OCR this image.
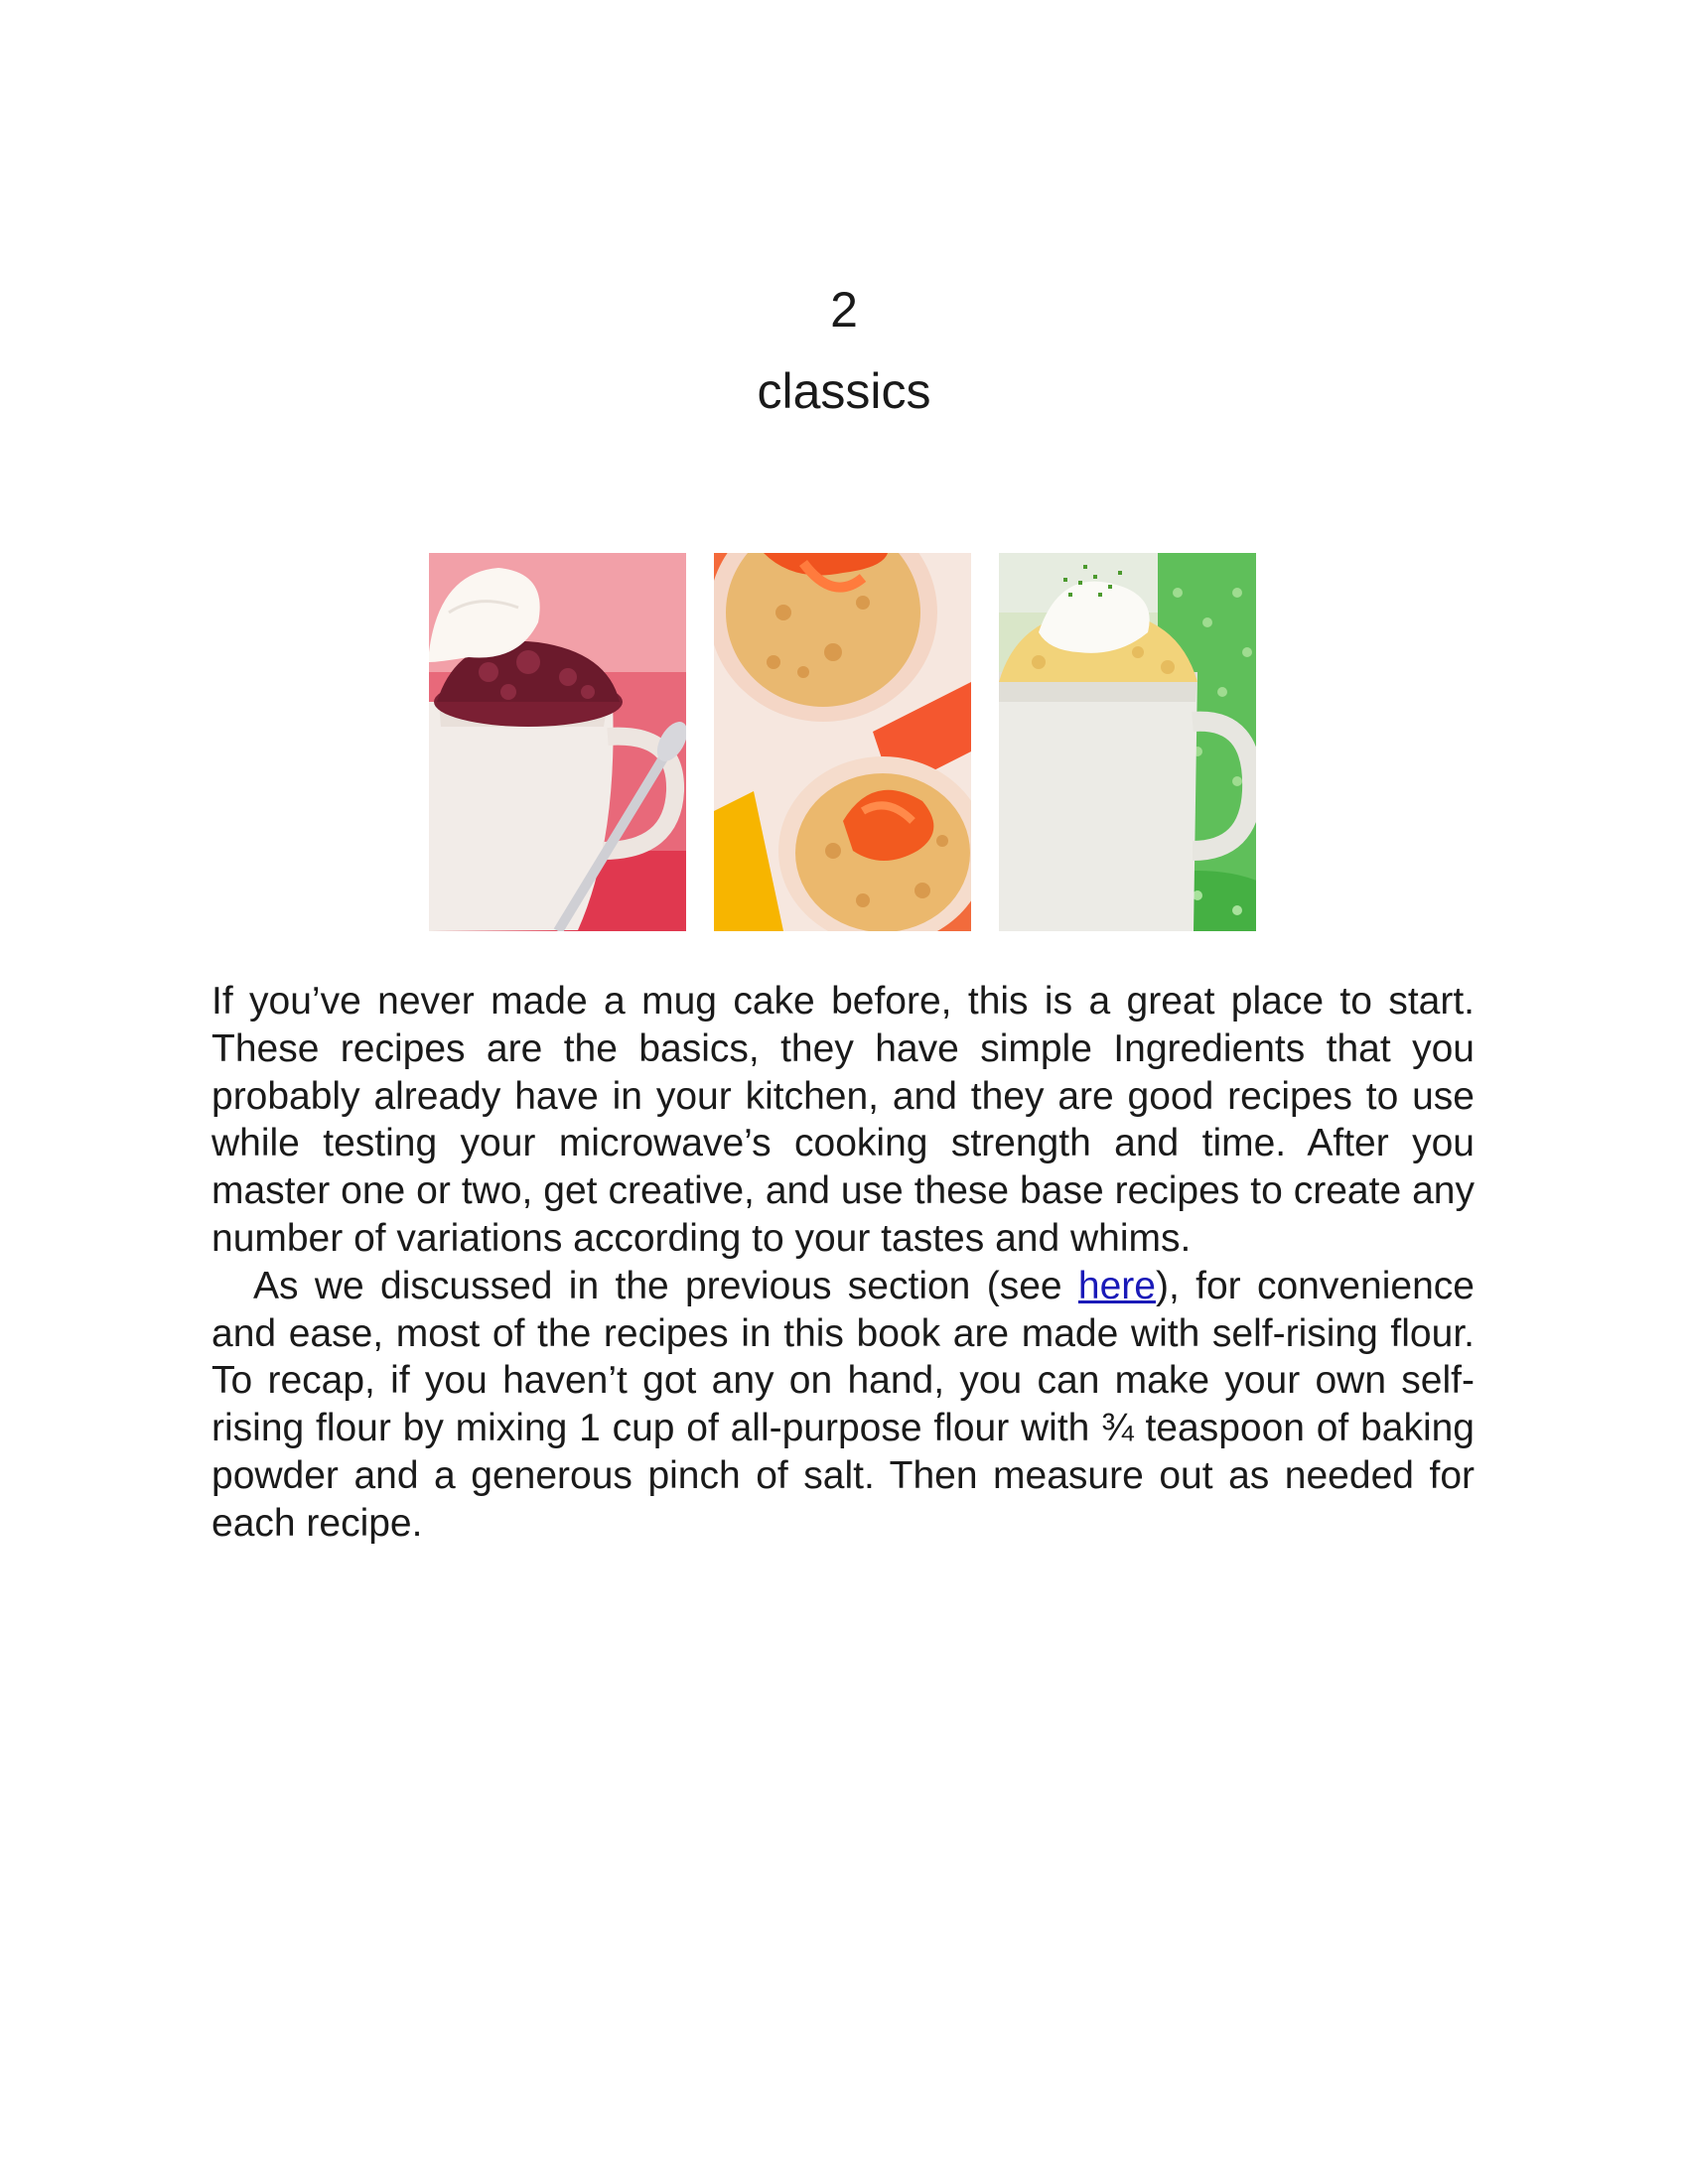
2
classics

If you’ve never made a mug cake before, this is a great place to start. These recipes are the basics, they have simple Ingredients that you probably already have in your kitchen, and they are good recipes to use while testing your microwave’s cooking strength and time. After you master one or two, get creative, and use these base recipes to create any number of variations according to your tastes and whims.

As we discussed in the previous section (see here), for convenience and ease, most of the recipes in this book are made with self-rising flour. To recap, if you haven’t got any on hand, you can make your own self-rising flour by mixing 1 cup of all-purpose flour with ¾ teaspoon of baking powder and a generous pinch of salt. Then measure out as needed for each recipe.
